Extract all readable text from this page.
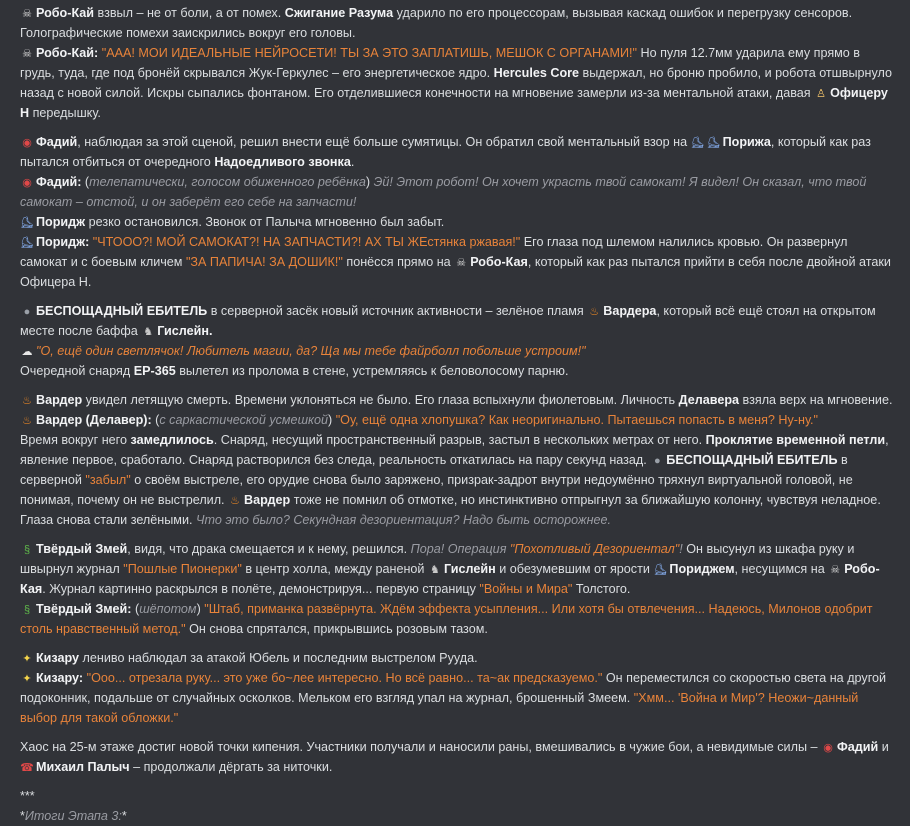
☠ Робо-Кай взвыл – не от боли, а от помех. Сжигание Разума ударило по его процессорам, вызывая каскад ошибок и перегрузку сенсоров. Голографические помехи заискрились вокруг его головы.
☠ Робо-Кай: "ААА! МОИ ИДЕАЛЬНЫЕ НЕЙРОСЕТИ! ТЫ ЗА ЭТО ЗАПЛАТИШЬ, МЕШОК С ОРГАНАМИ!" Но пуля 12.7мм ударила ему прямо в грудь, туда, где под бронёй скрывался Жук-Геркулес – его энергетическое ядро. Hercules Core выдержал, но броню пробило, и робота отшвырнуло назад с новой силой. Искры сыпались фонтаном. Его отделившиеся конечности на мгновение замерли из-за ментальной атаки, давая ♙ Офицеру Н передышку.
◉ Фадий, наблюдая за этой сценой, решил внести ещё больше сумятицы. Он обратил свой ментальный взор на ⛸ ⛸ Порижа, который как раз пытался отбиться от очередного Надоедливого звонка.
◉ Фадий: (телепатически, голосом обиженного ребёнка) Эй! Этот робот! Он хочет украсть твой самокат! Я видел! Он сказал, что твой самокат – отстой, и он заберёт его себе на запчасти!
⛸ Поридж резко остановился. Звонок от Палыча мгновенно был забыт.
⛸ Поридж: "ЧТООО?! МОЙ САМОКАТ?! НА ЗАПЧАСТИ?! АХ ТЫ ЖЕстянка ржавая!" Его глаза под шлемом налились кровью. Он развернул самокат и с боевым кличем "ЗА ПАПИЧА! ЗА ДОШИК!" понёсся прямо на ☠ Робо-Кая, который как раз пытался прийти в себя после двойной атаки Офицера Н.
● БЕСПОЩАДНЫЙ ЕБИТЕЛЬ в серверной засёк новый источник активности – зелёное пламя ♨ Вардера, который всё ещё стоял на открытом месте после баффа ♞ Гислейн.
☁ "О, ещё один светлячок! Любитель магии, да? Ща мы тебе файрболл побольше устроим!"
Очередной снаряд EP-365 вылетел из пролома в стене, устремляясь к беловолосому парню.
♨ Вардер увидел летящую смерть. Времени уклоняться не было. Его глаза вспыхнули фиолетовым. Личность Делавера взяла верх на мгновение.
♨ Вардер (Делавер): (с саркастической усмешкой) "Оу, ещё одна хлопушка? Как неоригинально. Пытаешься попасть в меня? Ну-ну."
Время вокруг него замедлилось. Снаряд, несущий пространственный разрыв, застыл в нескольких метрах от него. Проклятие временной петли, явление первое, сработало. Снаряд растворился без следа, реальность откатилась на пару секунд назад. ● БЕСПОЩАДНЫЙ ЕБИТЕЛЬ в серверной "забыл" о своём выстреле, его орудие снова было заряжено, призрак-задрот внутри недоумённо тряхнул виртуальной головой, не понимая, почему он не выстрелил. ♨ Вардер тоже не помнил об отмотке, но инстинктивно отпрыгнул за ближайшую колонну, чувствуя неладное. Глаза снова стали зелёными. Что это было? Секундная дезориентация? Надо быть осторожнее.
§ Твёрдый Змей, видя, что драка смещается и к нему, решился. Пора! Операция "Похотливый Дезориентал"! Он высунул из шкафа руку и швырнул журнал "Пошлые Пионерки" в центр холла, между раненой ♞ Гислейн и обезумевшим от ярости ⛸ Пориджем, несущимся на ☠ Робо-Кая. Журнал картинно раскрылся в полёте, демонстрируя... первую страницу "Войны и Мира" Толстого.
§ Твёрдый Змей: (шёпотом) "Штаб, приманка развёрнута. Ждём эффекта усыпления... Или хотя бы отвлечения... Надеюсь, Милонов одобрит столь нравственный метод." Он снова спрятался, прикрывшись розовым тазом.
✦ Кизару лениво наблюдал за атакой Юбель и последним выстрелом Рууда.
✦ Кизару: "Ооо... отрезала руку... это уже бо~лее интересно. Но всё равно... та~ак предсказуемо." Он переместился со скоростью света на другой подоконник, подальше от случайных осколков. Мельком его взгляд упал на журнал, брошенный Змеем. "Хмм... 'Война и Мир'? Неожи~данный выбор для такой обложки."
Хаос на 25-м этаже достиг новой точки кипения. Участники получали и наносили раны, вмешивались в чужие бои, а невидимые силы – ◉ Фадий и ☎ Михаил Палыч – продолжали дёргать за ниточки.
***
*Итоги Этапа 3:*
